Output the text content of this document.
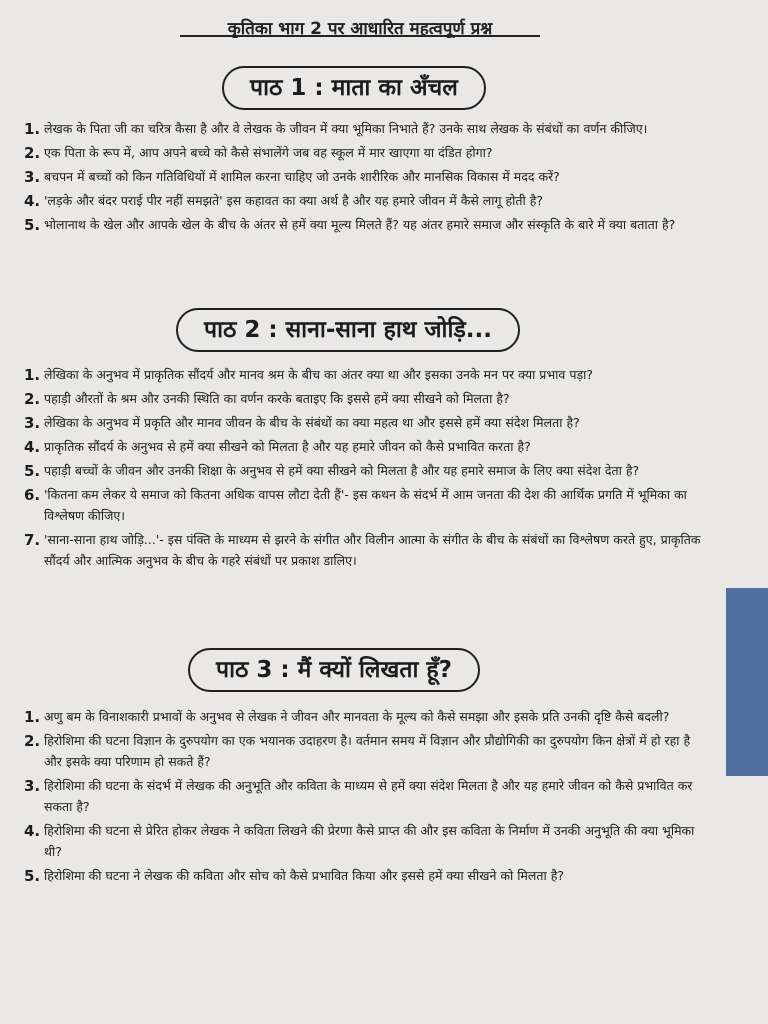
कृतिका भाग 2 पर आधारित महत्वपूर्ण प्रश्न
पाठ 1 : माता का अँचल
1. लेखक के पिता जी का चरित्र कैसा है और वे लेखक के जीवन में क्या भूमिका निभाते हैं? उनके साथ लेखक के संबंधों का वर्णन कीजिए।
2. एक पिता के रूप में, आप अपने बच्चे को कैसे संभालेंगे जब वह स्कूल में मार खाएगा या दंडित होगा?
3. बचपन में बच्चों को किन गतिविधियों में शामिल करना चाहिए जो उनके शारीरिक और मानसिक विकास में मदद करें?
4. 'लड़के और बंदर पराई पीर नहीं समझते' इस कहावत का क्या अर्थ है और यह हमारे जीवन में कैसे लागू होती है?
5. भोलानाथ के खेल और आपके खेल के बीच के अंतर से हमें क्या मूल्य मिलते हैं? यह अंतर हमारे समाज और संस्कृति के बारे में क्या बताता है?
पाठ 2 : साना-साना हाथ जोड़ि...
1. लेखिका के अनुभव में प्राकृतिक सौंदर्य और मानव श्रम के बीच का अंतर क्या था और इसका उनके मन पर क्या प्रभाव पड़ा?
2. पहाड़ी औरतों के श्रम और उनकी स्थिति का वर्णन करके बताइए कि इससे हमें क्या सीखने को मिलता है?
3. लेखिका के अनुभव में प्रकृति और मानव जीवन के बीच के संबंधों का क्या महत्व था और इससे हमें क्या संदेश मिलता है?
4. प्राकृतिक सौंदर्य के अनुभव से हमें क्या सीखने को मिलता है और यह हमारे जीवन को कैसे प्रभावित करता है?
5. पहाड़ी बच्चों के जीवन और उनकी शिक्षा के अनुभव से हमें क्या सीखने को मिलता है और यह हमारे समाज के लिए क्या संदेश देता है?
6. 'कितना कम लेकर ये समाज को कितना अधिक वापस लौटा देती हैं'- इस कथन के संदर्भ में आम जनता की देश की आर्थिक प्रगति में भूमिका का विश्लेषण कीजिए।
7. 'साना-साना हाथ जोड़ि...'- इस पंक्ति के माध्यम से झरने के संगीत और विलीन आत्मा के संगीत के बीच के संबंधों का विश्लेषण करते हुए, प्राकृतिक सौंदर्य और आत्मिक अनुभव के बीच के गहरे संबंधों पर प्रकाश डालिए।
पाठ 3 : मैं क्यों लिखता हूँ?
1. अणु बम के विनाशकारी प्रभावों के अनुभव से लेखक ने जीवन और मानवता के मूल्य को कैसे समझा और इसके प्रति उनकी दृष्टि कैसे बदली?
2. हिरोशिमा की घटना विज्ञान के दुरुपयोग का एक भयानक उदाहरण है। वर्तमान समय में विज्ञान और प्रौद्योगिकी का दुरुपयोग किन क्षेत्रों में हो रहा है और इसके क्या परिणाम हो सकते हैं?
3. हिरोशिमा की घटना के संदर्भ में लेखक की अनुभूति और कविता के माध्यम से हमें क्या संदेश मिलता है और यह हमारे जीवन को कैसे प्रभावित कर सकता है?
4. हिरोशिमा की घटना से प्रेरित होकर लेखक ने कविता लिखने की प्रेरणा कैसे प्राप्त की और इस कविता के निर्माण में उनकी अनुभूति की क्या भूमिका थी?
5. हिरोशिमा की घटना ने लेखक की कविता और सोच को कैसे प्रभावित किया और इससे हमें क्या सीखने को मिलता है?
